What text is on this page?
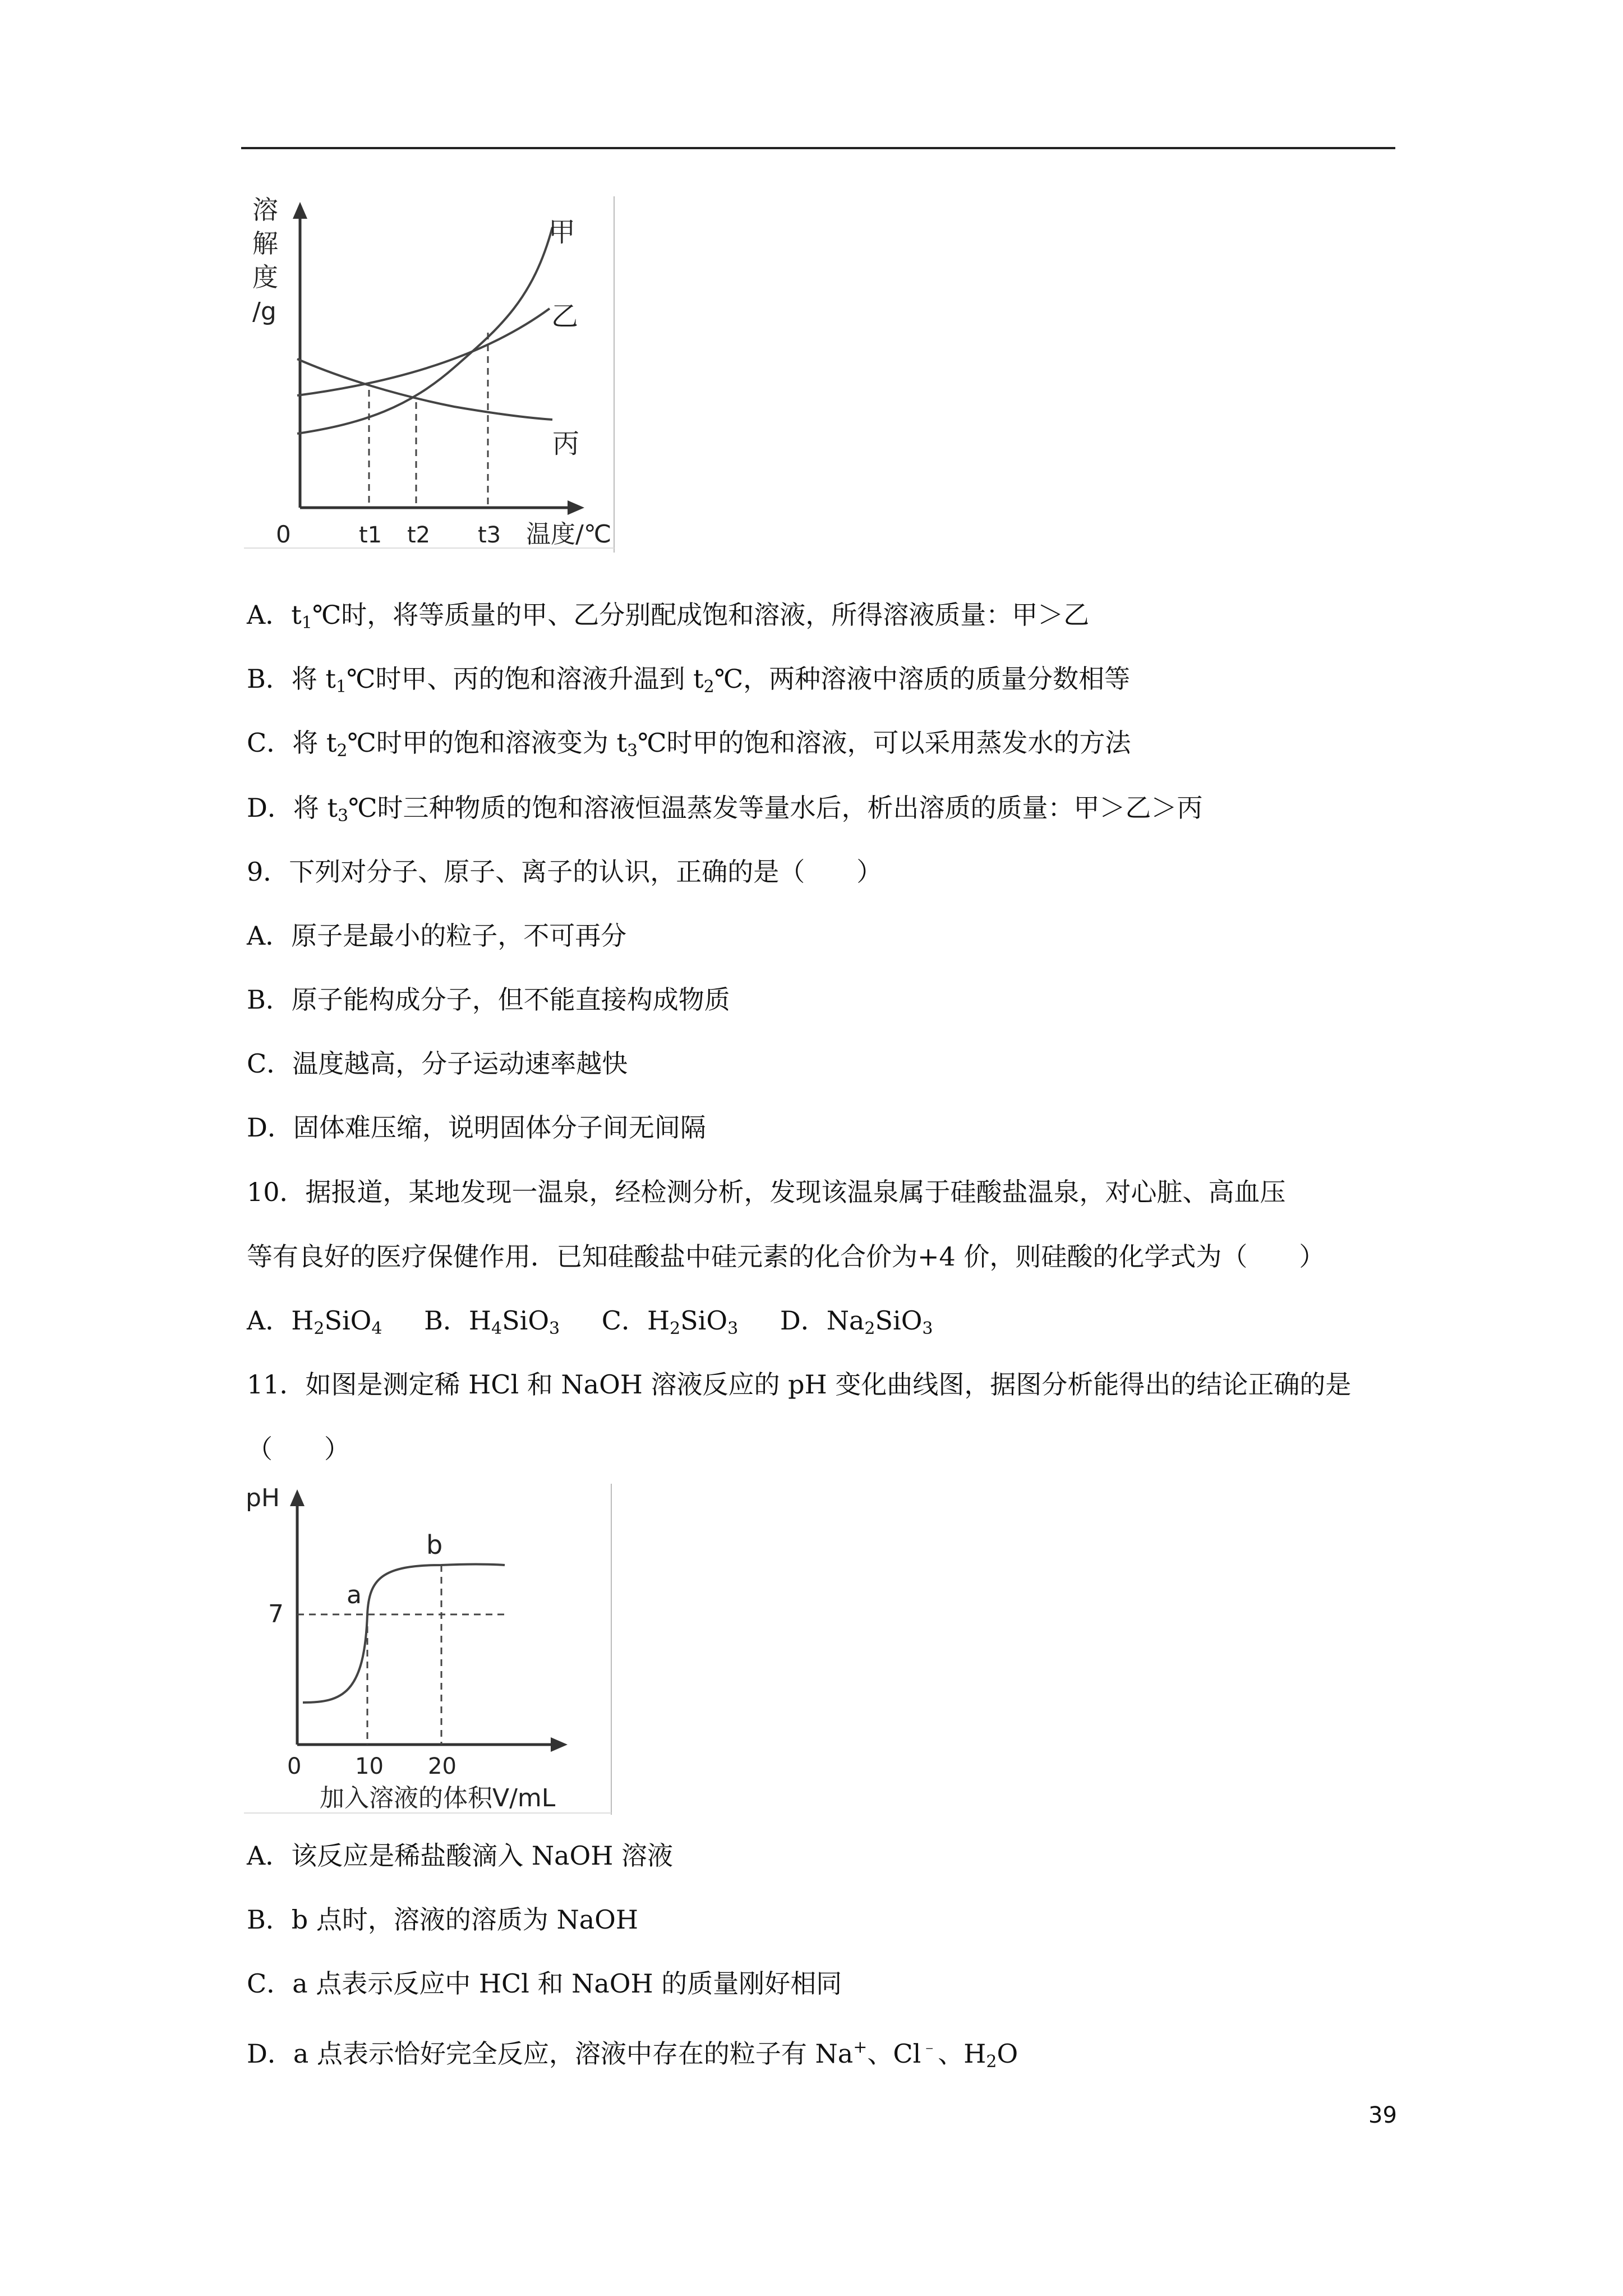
溶
解
度
/g
甲
乙
丙
0	t1 t2 t3 温度/℃
A．$t_1℃$时，将等质量的甲、乙分别配成饱和溶液，所得溶液质量：甲＞乙
B．将 $t_1℃$时甲、丙的饱和溶液升温到 $t_2℃$，两种溶液中溶质的质量分数相等
C．将 $t_2℃$时甲的饱和溶液变为 $t_3℃$时甲的饱和溶液，可以采用蒸发水的方法
D．将 $t_3℃$时三种物质的饱和溶液恒温蒸发等量水后，析出溶质的质量：甲＞乙＞丙
9．下列对分子、原子、离子的认识，正确的是（　　）
A．原子是最小的粒子，不可再分
B．原子能构成分子，但不能直接构成物质
C．温度越高，分子运动速率越快
D．固体难压缩，说明固体分子间无间隔
10．据报道，某地发现一温泉，经检测分析，发现该温泉属于硅酸盐温泉，对心脏、高血压
等有良好的医疗保健作用．已知硅酸盐中硅元素的化合价为+4 价，则硅酸的化学式为（　　）
A．$H_2SiO_4$ B．$H_4SiO_3$ C．$H_2SiO_3$ D．$Na_2SiO_3$
11．如图是测定稀 HCl 和 NaOH 溶液反应的 pH 变化曲线图，据图分析能得出的结论正确的是
（　　）
pH
7
a
b
0 10 20
加入溶液的体积V/mL
A．该反应是稀盐酸滴入 NaOH 溶液
B．b 点时，溶液的溶质为 NaOH
C．a 点表示反应中 HCl 和 NaOH 的质量刚好相同
D．a 点表示恰好完全反应，溶液中存在的粒子有 Na+、Cl﹣、$H_2O$
39
